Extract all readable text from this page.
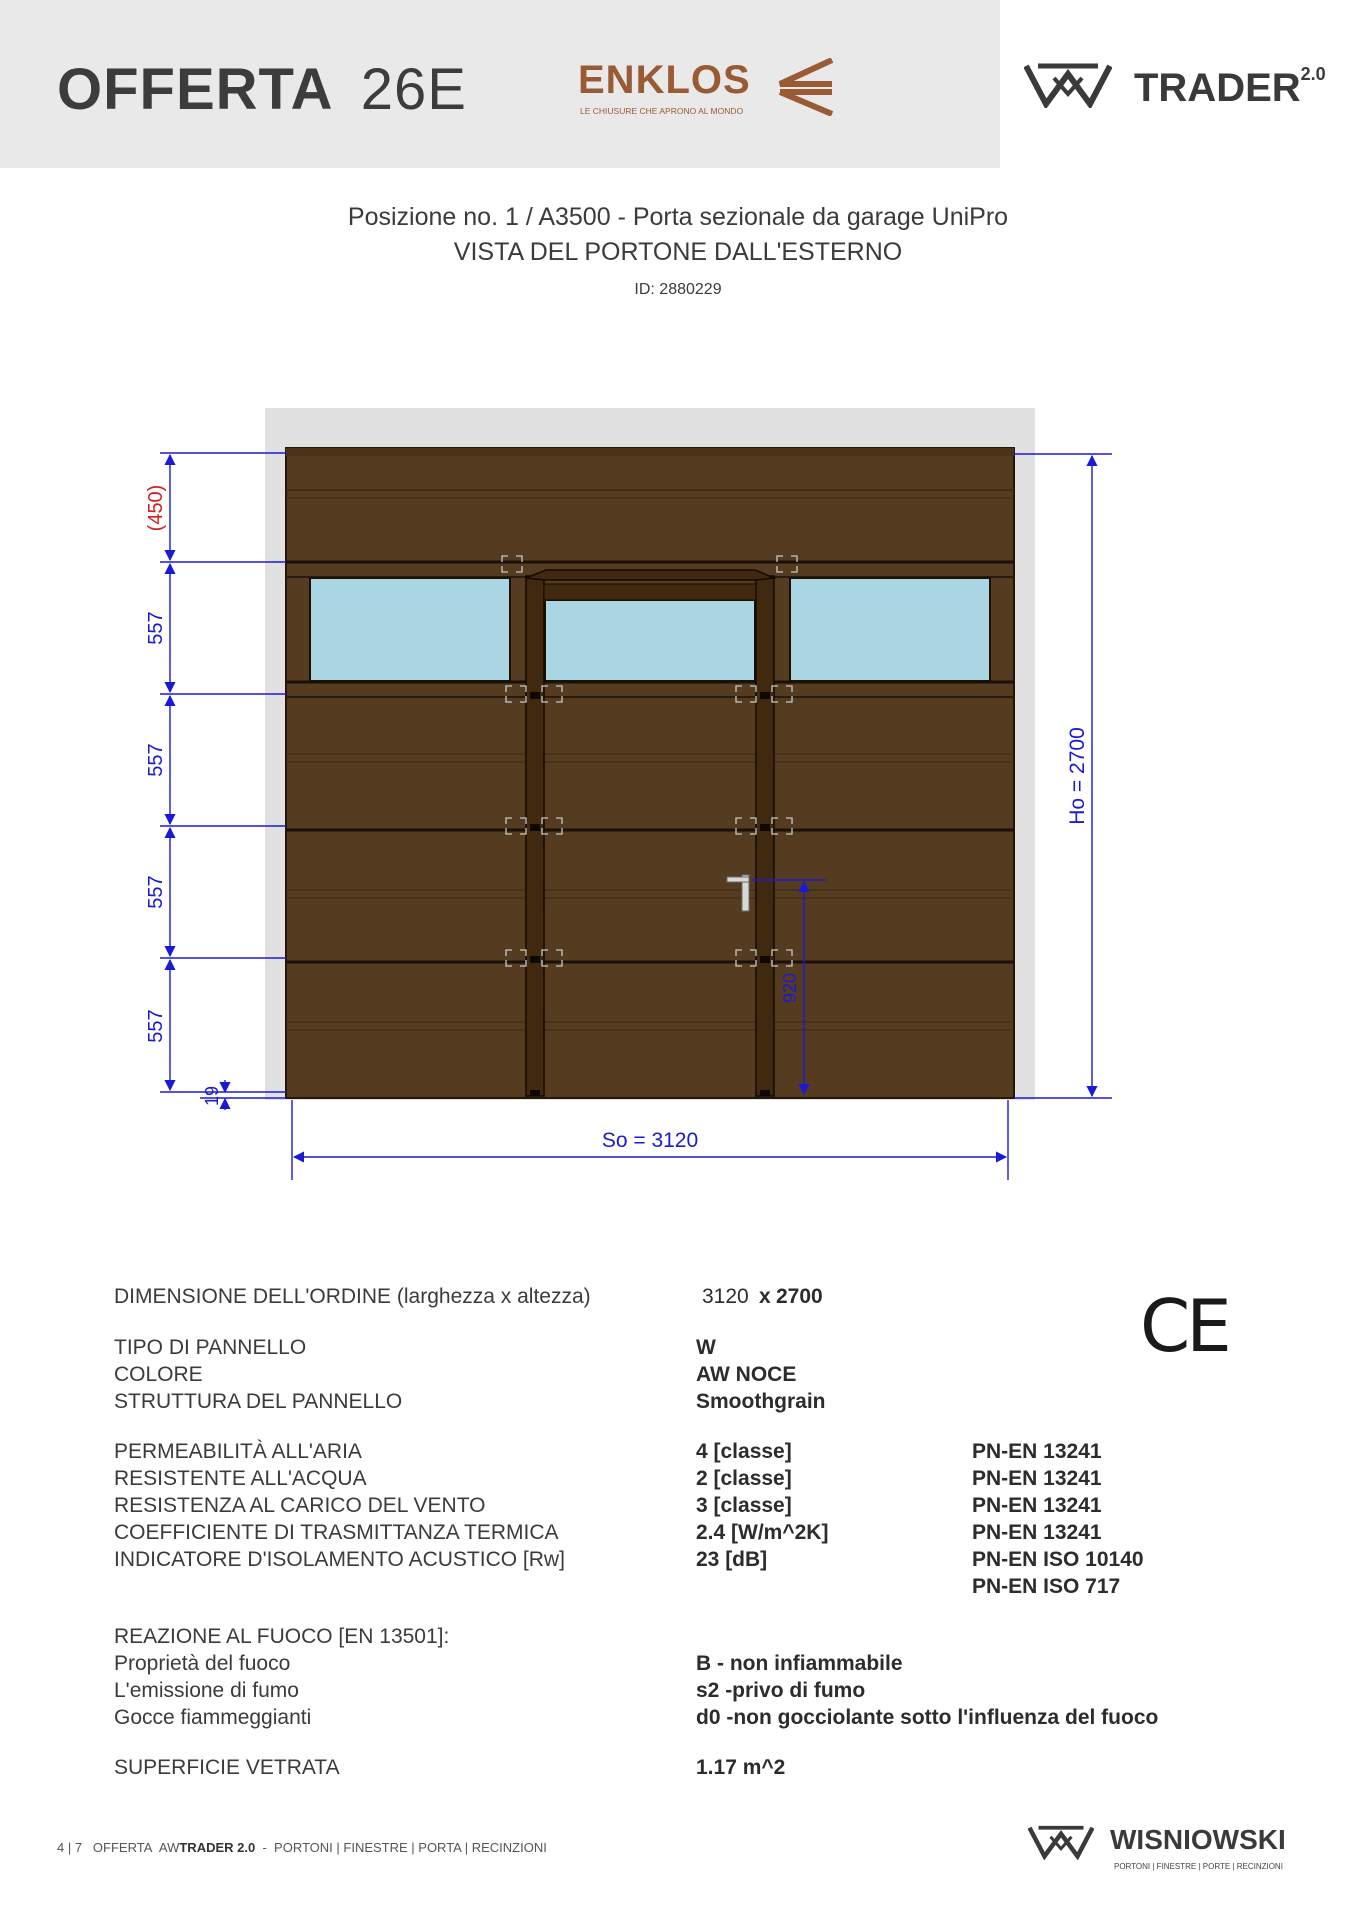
OFFERTA 26E	ENKLOS
LE CHIUSURE CHE APRONO AL MONDO
$TRADER^{2.0}$
Posizione no. 1 / A3500 - Porta sezionale da garage UniPro
VISTA DEL PORTONE DALL'ESTERNO
ID: 2880229
(450)
557
557
557
557
19
920
Ho = 2700
So = 3120
DIMENSIONE DELL'ORDINE (larghezza x altezza)	3120 x 2700
TIPO DI PANNELLO	W
COLORE	AW NOCE
STRUTTURA DEL PANNELLO	Smoothgrain
PERMEABILITÀ ALL'ARIA	4 [classe]	PN-EN 13241
RESISTENTE ALL'ACQUA	2 [classe]	PN-EN 13241
RESISTENZA AL CARICO DEL VENTO	3 [classe]	PN-EN 13241
COEFFICIENTE DI TRASMITTANZA TERMICA	2.4 [W/m^2K]	PN-EN 13241
INDICATORE D'ISOLAMENTO ACUSTICO [Rw]	23 [dB]	PN-EN ISO 10140
PN-EN ISO 717
REAZIONE AL FUOCO [EN 13501]:
Proprietà del fuoco	B - non infiammabile
L'emissione di fumo	s2 -privo di fumo
Gocce fiammeggianti	d0 -non gocciolante sotto l'influenza del fuoco
SUPERFICIE VETRATA	1.17 m^2
CE
4 | 7 OFFERTA AWTRADER 2.0 - PORTONI | FINESTRE | PORTA | RECINZIONI	WISNIOWSKI
PORTONI | FINESTRE | PORTE | RECINZIONI
